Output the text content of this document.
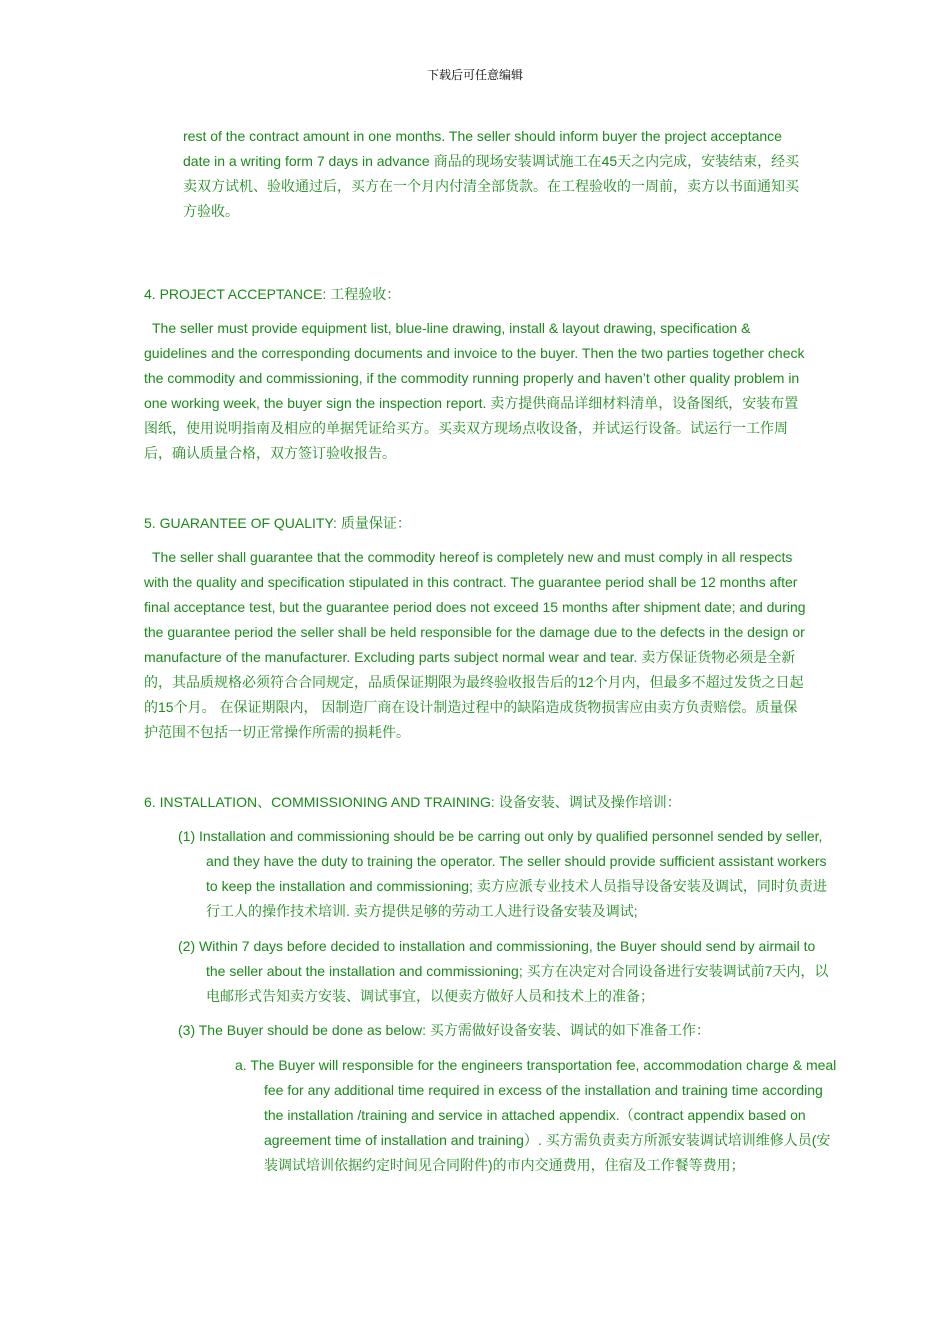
下载后可任意编辑

rest of the contract amount in one months. The seller should inform buyer the project acceptance date in a writing form 7 days in advance 商品的现场安装调试施工在45天之内完成，安装结束，经买卖双方试机、验收通过后，买方在一个月内付清全部货款。在工程验收的一周前，卖方以书面通知买方验收。

4. PROJECT ACCEPTANCE: 工程验收：

The seller must provide equipment list, blue-line drawing, install & layout drawing, specification & guidelines and the corresponding documents and invoice to the buyer. Then the two parties together check the commodity and commissioning, if the commodity running properly and haven’t other quality problem in one working week, the buyer sign the inspection report. 卖方提供商品详细材料清单，设备图纸，安装布置图纸，使用说明指南及相应的单据凭证给买方。买卖双方现场点收设备，并试运行设备。试运行一工作周后，确认质量合格，双方签订验收报告。

5. GUARANTEE OF QUALITY: 质量保证：

The seller shall guarantee that the commodity hereof is completely new and must comply in all respects with the quality and specification stipulated in this contract. The guarantee period shall be 12 months after final acceptance test, but the guarantee period does not exceed 15 months after shipment date; and during the guarantee period the seller shall be held responsible for the damage due to the defects in the design or manufacture of the manufacturer. Excluding parts subject normal wear and tear. 卖方保证货物必须是全新的，其品质规格必须符合合同规定，品质保证期限为最终验收报告后的12个月内，但最多不超过发货之日起的15个月。 在保证期限内， 因制造厂商在设计制造过程中的缺陷造成货物损害应由卖方负责赔偿。质量保护范围不包括一切正常操作所需的损耗件。

6. INSTALLATION、COMMISSIONING AND TRAINING: 设备安装、调试及操作培训：

(1) Installation and commissioning should be be carring out only by qualified personnel sended by seller, and they have the duty to training the operator. The seller should provide sufficient assistant workers to keep the installation and commissioning; 卖方应派专业技术人员指导设备安装及调试，同时负责进行工人的操作技术培训. 卖方提供足够的劳动工人进行设备安装及调试;

(2) Within 7 days before decided to installation and commissioning, the Buyer should send by airmail to the seller about the installation and commissioning; 买方在决定对合同设备进行安装调试前7天内，以电邮形式告知卖方安装、调试事宜，以便卖方做好人员和技术上的准备；

(3) The Buyer should be done as below: 买方需做好设备安装、调试的如下准备工作：

a. The Buyer will responsible for the engineers transportation fee, accommodation charge & meal fee for any additional time required in excess of the installation and training time according the installation /training and service in attached appendix.（contract appendix based on agreement time of installation and training）. 买方需负责卖方所派安装调试培训维修人员(安装调试培训依据约定时间见合同附件)的市内交通费用，住宿及工作餐等费用；
